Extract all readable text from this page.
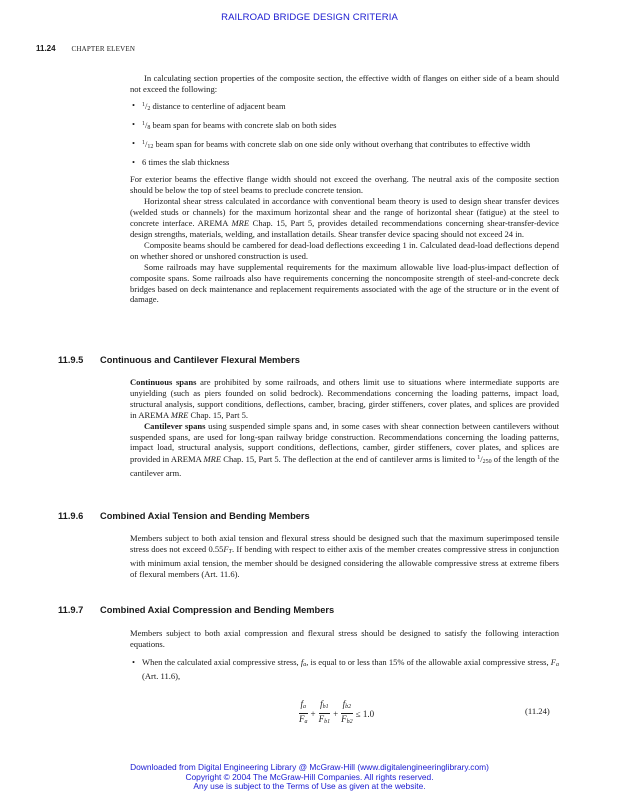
RAILROAD BRIDGE DESIGN CRITERIA
11.24 CHAPTER ELEVEN

In calculating section properties of the composite section, the effective width of flanges on either side of a beam should not exceed the following:

• $^1/_2$ distance to centerline of adjacent beam
• $^1/_8$ beam span for beams with concrete slab on both sides
• $^1/_{12}$ beam span for beams with concrete slab on one side only without overhang that contributes to effective width
• 6 times the slab thickness

For exterior beams the effective flange width should not exceed the overhang. The neutral axis of the composite section should be below the top of steel beams to preclude concrete tension.

Horizontal shear stress calculated in accordance with conventional beam theory is used to design shear transfer devices (welded studs or channels) for the maximum horizontal shear and the range of horizontal shear (fatigue) at the steel to concrete interface. AREMA MRE Chap. 15, Part 5, provides detailed recommendations concerning shear-transfer-device design strengths, materials, welding, and installation details. Shear transfer device spacing should not exceed 24 in.

Composite beams should be cambered for dead-load deflections exceeding 1 in. Calculated dead-load deflections depend on whether shored or unshored construction is used.

Some railroads may have supplemental requirements for the maximum allowable live load-plus-impact deflection of composite spans. Some railroads also have requirements concerning the noncomposite strength of steel-and-concrete deck bridges based on deck maintenance and replacement requirements associated with the age of the structure or in the event of damage.

11.9.5 Continuous and Cantilever Flexural Members

Continuous spans are prohibited by some railroads, and others limit use to situations where intermediate supports are unyielding (such as piers founded on solid bedrock). Recommendations concerning the loading patterns, impact load, structural analysis, support conditions, deflections, camber, bracing, girder stiffeners, cover plates, and splices are provided in AREMA MRE Chap. 15, Part 5.

Cantilever spans using suspended simple spans and, in some cases with shear connection between cantilevers without suspended spans, are used for long-span railway bridge construction. Recommendations concerning the loading patterns, impact load, structural analysis, support conditions, deflections, camber, girder stiffeners, cover plates, and splices are provided in AREMA MRE Chap. 15, Part 5. The deflection at the end of cantilever arms is limited to $^1/_{250}$ of the length of the cantilever arm.

11.9.6 Combined Axial Tension and Bending Members

Members subject to both axial tension and flexural stress should be designed such that the maximum superimposed tensile stress does not exceed $0.55F_T$. If bending with respect to either axis of the member creates compressive stress in conjunction with minimum axial tension, the member should be designed considering the allowable compressive stress at extreme fibers of flexural members (Art. 11.6).

11.9.7 Combined Axial Compression and Bending Members

Members subject to both axial compression and flexural stress should be designed to satisfy the following interaction equations.

• When the calculated axial compressive stress, $f_a$, is equal to or less than 15% of the allowable axial compressive stress, $F_a$ (Art. 11.6),
$\frac{f_a}{F_a} + \frac{f_{b1}}{F_{b1}} + \frac{f_{b2}}{F_{b2}} \le 1.0$	(11.24)
Downloaded from Digital Engineering Library @ McGraw-Hill (www.digitalengineeringlibrary.com)
Copyright © 2004 The McGraw-Hill Companies. All rights reserved.
Any use is subject to the Terms of Use as given at the website.
